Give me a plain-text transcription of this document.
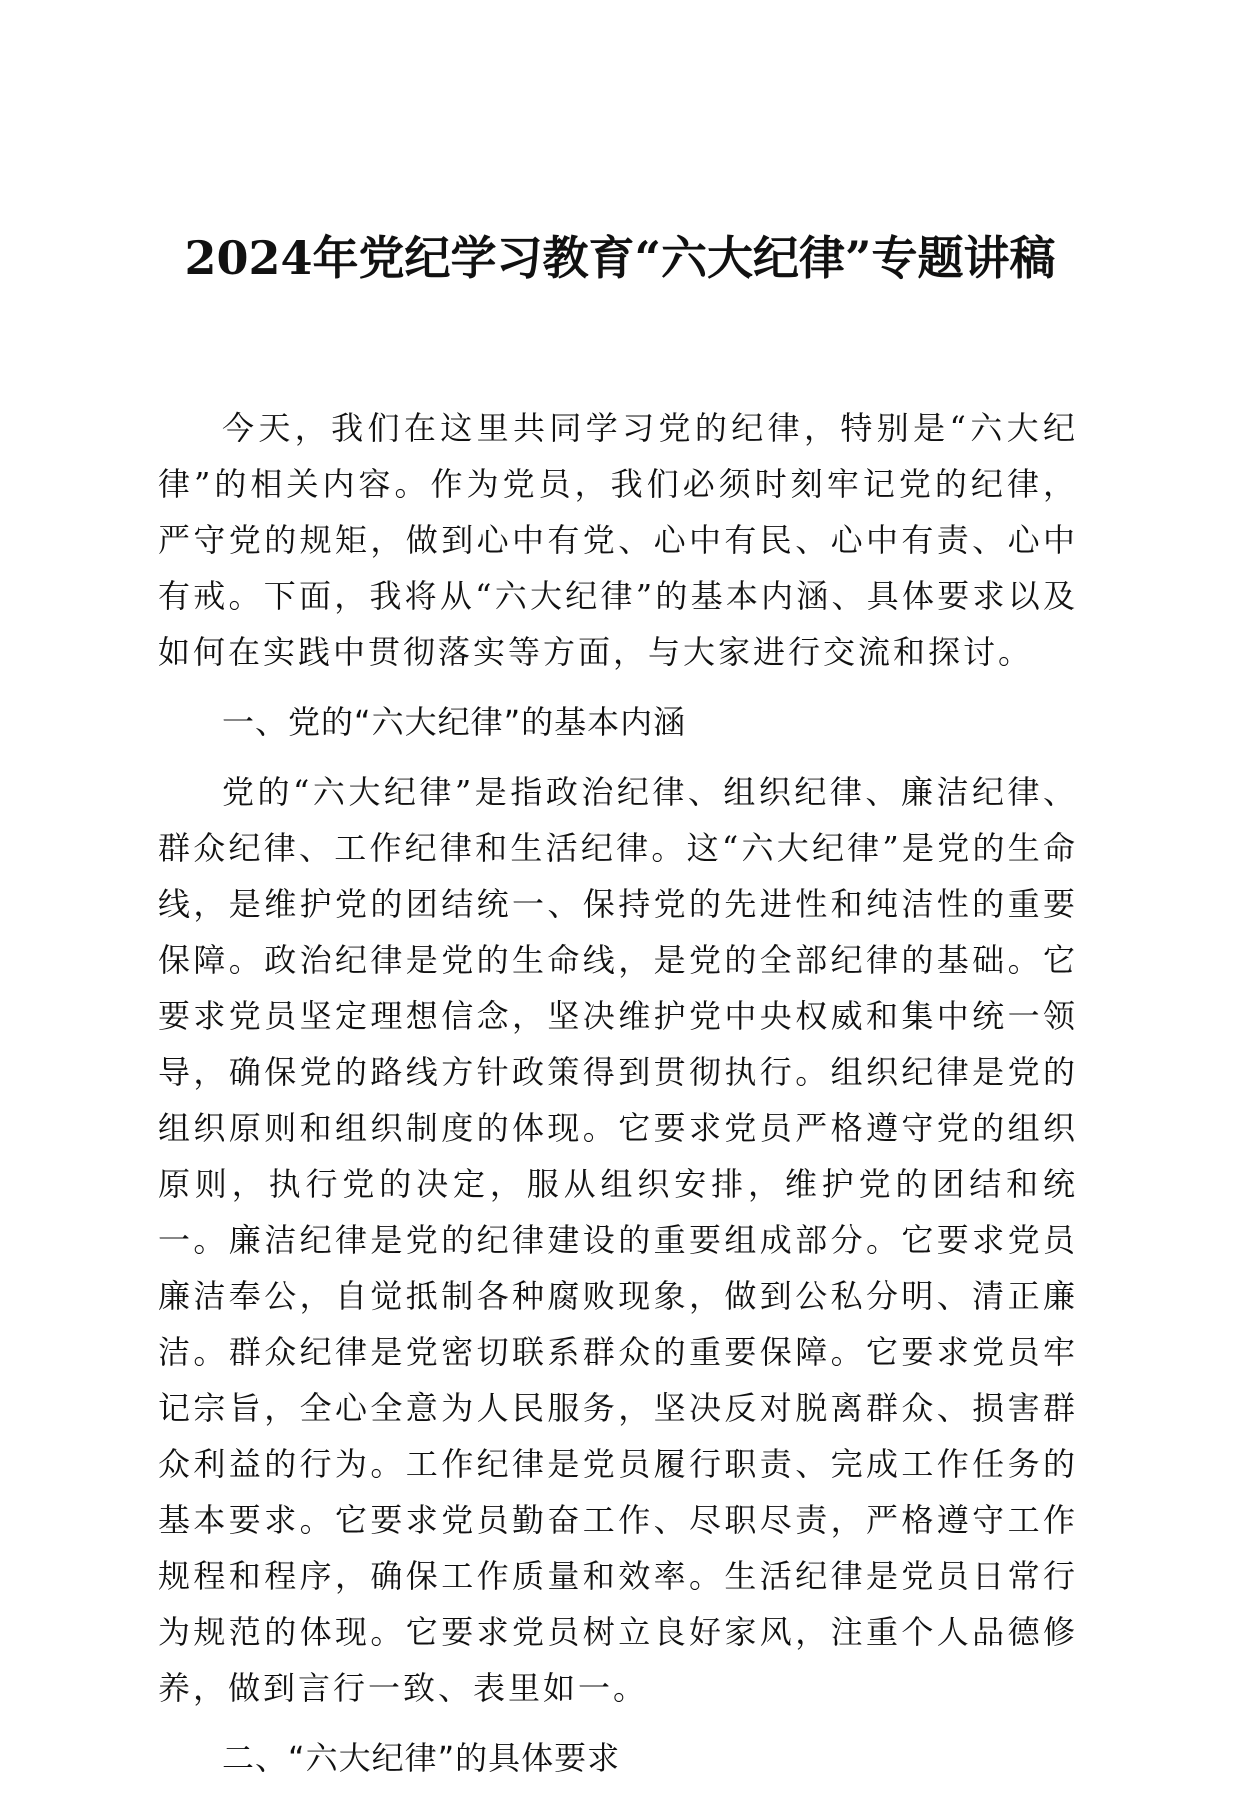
2024年党纪学习教育“六大纪律”专题讲稿

今天，我们在这里共同学习党的纪律，特别是“六大纪律”的相关内容。作为党员，我们必须时刻牢记党的纪律，严守党的规矩，做到心中有党、心中有民、心中有责、心中有戒。下面，我将从“六大纪律”的基本内涵、具体要求以及如何在实践中贯彻落实等方面，与大家进行交流和探讨。

一、党的“六大纪律”的基本内涵

党的“六大纪律”是指政治纪律、组织纪律、廉洁纪律、群众纪律、工作纪律和生活纪律。这“六大纪律”是党的生命线，是维护党的团结统一、保持党的先进性和纯洁性的重要保障。政治纪律是党的生命线，是党的全部纪律的基础。它要求党员坚定理想信念，坚决维护党中央权威和集中统一领导，确保党的路线方针政策得到贯彻执行。组织纪律是党的组织原则和组织制度的体现。它要求党员严格遵守党的组织原则，执行党的决定，服从组织安排，维护党的团结和统一。廉洁纪律是党的纪律建设的重要组成部分。它要求党员廉洁奉公，自觉抵制各种腐败现象，做到公私分明、清正廉洁。群众纪律是党密切联系群众的重要保障。它要求党员牢记宗旨，全心全意为人民服务，坚决反对脱离群众、损害群众利益的行为。工作纪律是党员履行职责、完成工作任务的基本要求。它要求党员勤奋工作、尽职尽责，严格遵守工作规程和程序，确保工作质量和效率。生活纪律是党员日常行为规范的体现。它要求党员树立良好家风，注重个人品德修养，做到言行一致、表里如一。

二、“六大纪律”的具体要求
